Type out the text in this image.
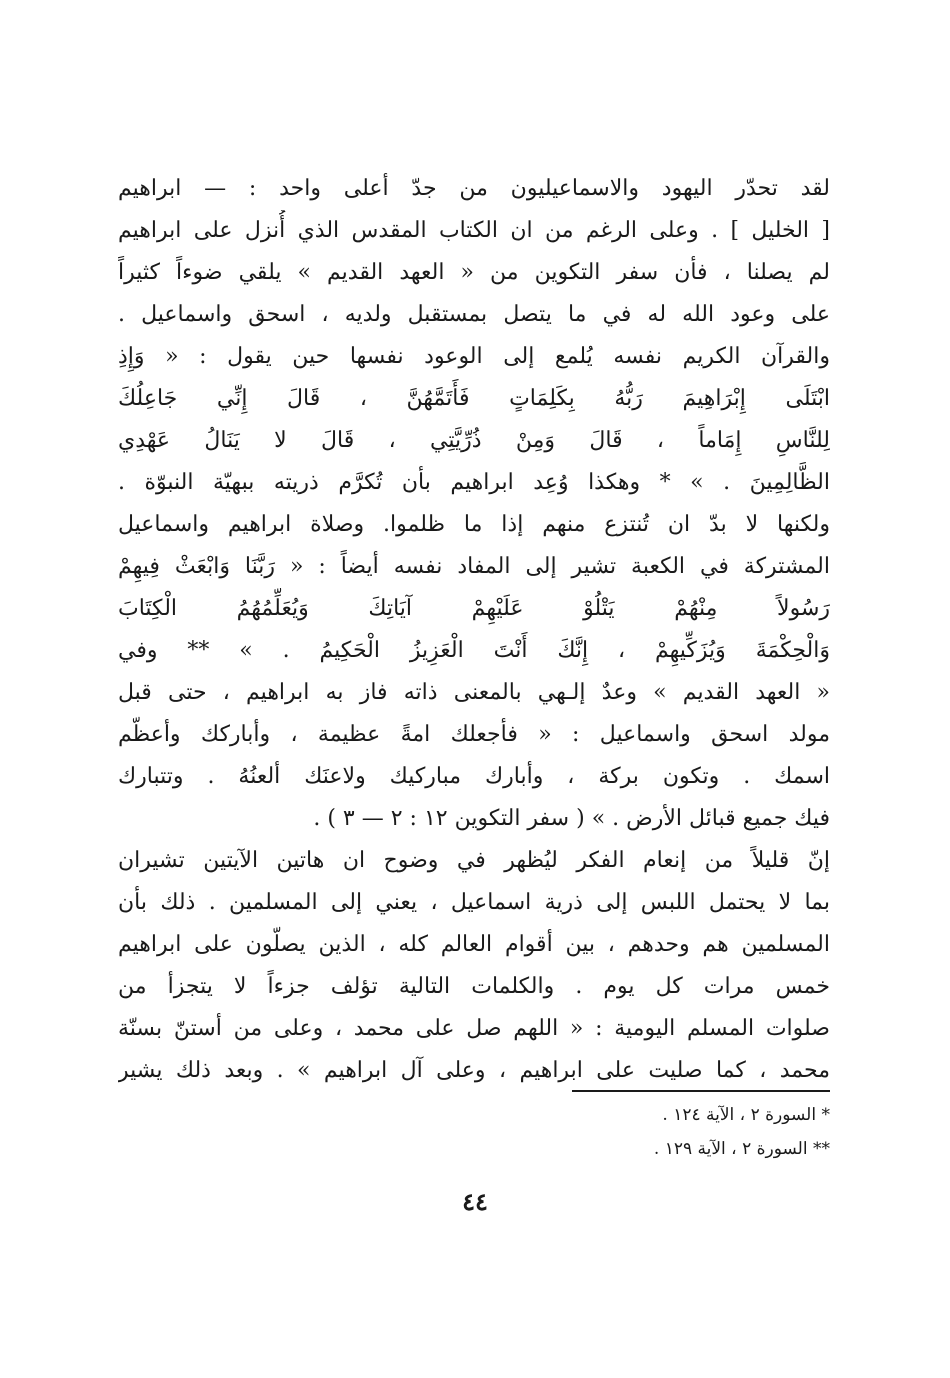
لقد تحدّر اليهود والاسماعيليون من جدّ أعلى واحد : — ابراهيم
[ الخليل ] . وعلى الرغم من ان الكتاب المقدس الذي أُنزل على ابراهيم
لم يصلنا ، فأن سفر التكوين من « العهد القديم » يلقي ضوءاً كثيراً
على وعود الله له في ما يتصل بمستقبل ولديه ، اسحق واسماعيل .
والقرآن الكريم نفسه يُلمع إلى الوعود نفسها حين يقول : « وَإِذِ
ابْتَلَى إِبْرَاهِيمَ رَبُّهُ بِكَلِمَاتٍ فَأَتَمَّهُنَّ ، قَالَ إِنِّي جَاعِلُكَ
لِلنَّاسِ إِمَاماً ، قَالَ وَمِنْ ذُرِّيَّتِي ، قَالَ لا يَنَالُ عَهْدِي
الظَّالِمِينَ . » * وهكذا وُعِد ابراهيم بأن تُكرَّم ذريته ببهيّة النبوّة .
ولكنها لا بدّ ان تُنتزع منهم إذا ما ظلموا. وصلاة ابراهيم واسماعيل
المشتركة في الكعبة تشير إلى المفاد نفسه أيضاً : « رَبَّنَا وَابْعَثْ فِيهِمْ
رَسُولاً مِنْهُمْ يَتْلُوْ عَلَيْهِمْ آيَاتِكَ وَيُعَلِّمُهُمُ الْكِتَابَ
وَالْحِكْمَةَ وَيُزَكِّيهِمْ ، إِنَّكَ أَنْتَ الْعَزِيزُ الْحَكِيمُ . » ** وفي
« العهد القديم » وعدٌ إلـهي بالمعنى ذاته فاز به ابراهيم ، حتى قبل
مولد اسحق واسماعيل : « فأجعلك امةً عظيمة ، وأباركك وأعظّم
اسمك . وتكون بركة ، وأبارك مباركيك ولاعنَك ألعنُهُ . وتتبارك
فيك جميع قبائل الأرض . » ( سفر التكوين ١٢ : ٢ — ٣ ) .
إنّ قليلاً من إنعام الفكر ليُظهر في وضوح ان هاتين الآيتين تشيران
بما لا يحتمل اللبس إلى ذرية اسماعيل ، يعني إلى المسلمين . ذلك بأن
المسلمين هم وحدهم ، بين أقوام العالم كله ، الذين يصلّون على ابراهيم
خمس مرات كل يوم . والكلمات التالية تؤلف جزءاً لا يتجزأ من
صلوات المسلم اليومية : « اللهم صل على محمد ، وعلى من أستنّ بسنّة
محمد ، كما صليت على ابراهيم ، وعلى آل ابراهيم » . وبعد ذلك يشير
* السورة ٢ ، الآية ١٢٤ .
** السورة ٢ ، الآية ١٢٩ .
٤٤
